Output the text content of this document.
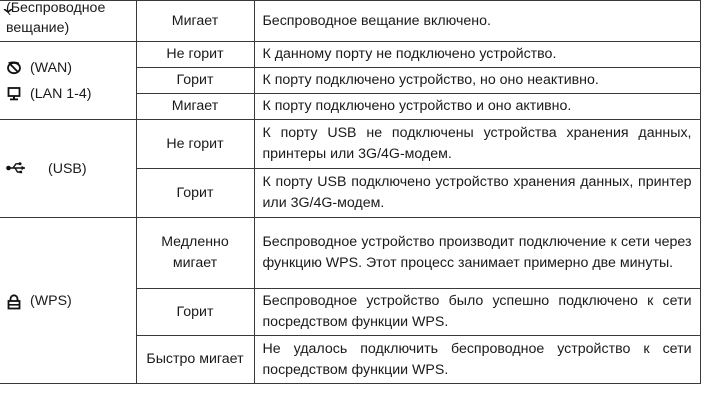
(Беспроводное вещание)	Мигает	Беспроводное вещание включено.

(WAN)
(LAN 1-4)	Не горит	К данному порту не подключено устройство.
	Горит	К порту подключено устройство, но оно неактивно.
	Мигает	К порту подключено устройство и оно активно.

(USB)	Не горит	К порту USB не подключены устройства хранения данных, принтеры или 3G/4G-модем.
	Горит	К порту USB подключено устройство хранения данных, принтер или 3G/4G-модем.

(WPS)	Медленно мигает	Беспроводное устройство производит подключение к сети через функцию WPS. Этот процесс занимает примерно две минуты.
	Горит	Беспроводное устройство было успешно подключено к сети посредством функции WPS.
	Быстро мигает	Не удалось подключить беспроводное устройство к сети посредством функции WPS.
